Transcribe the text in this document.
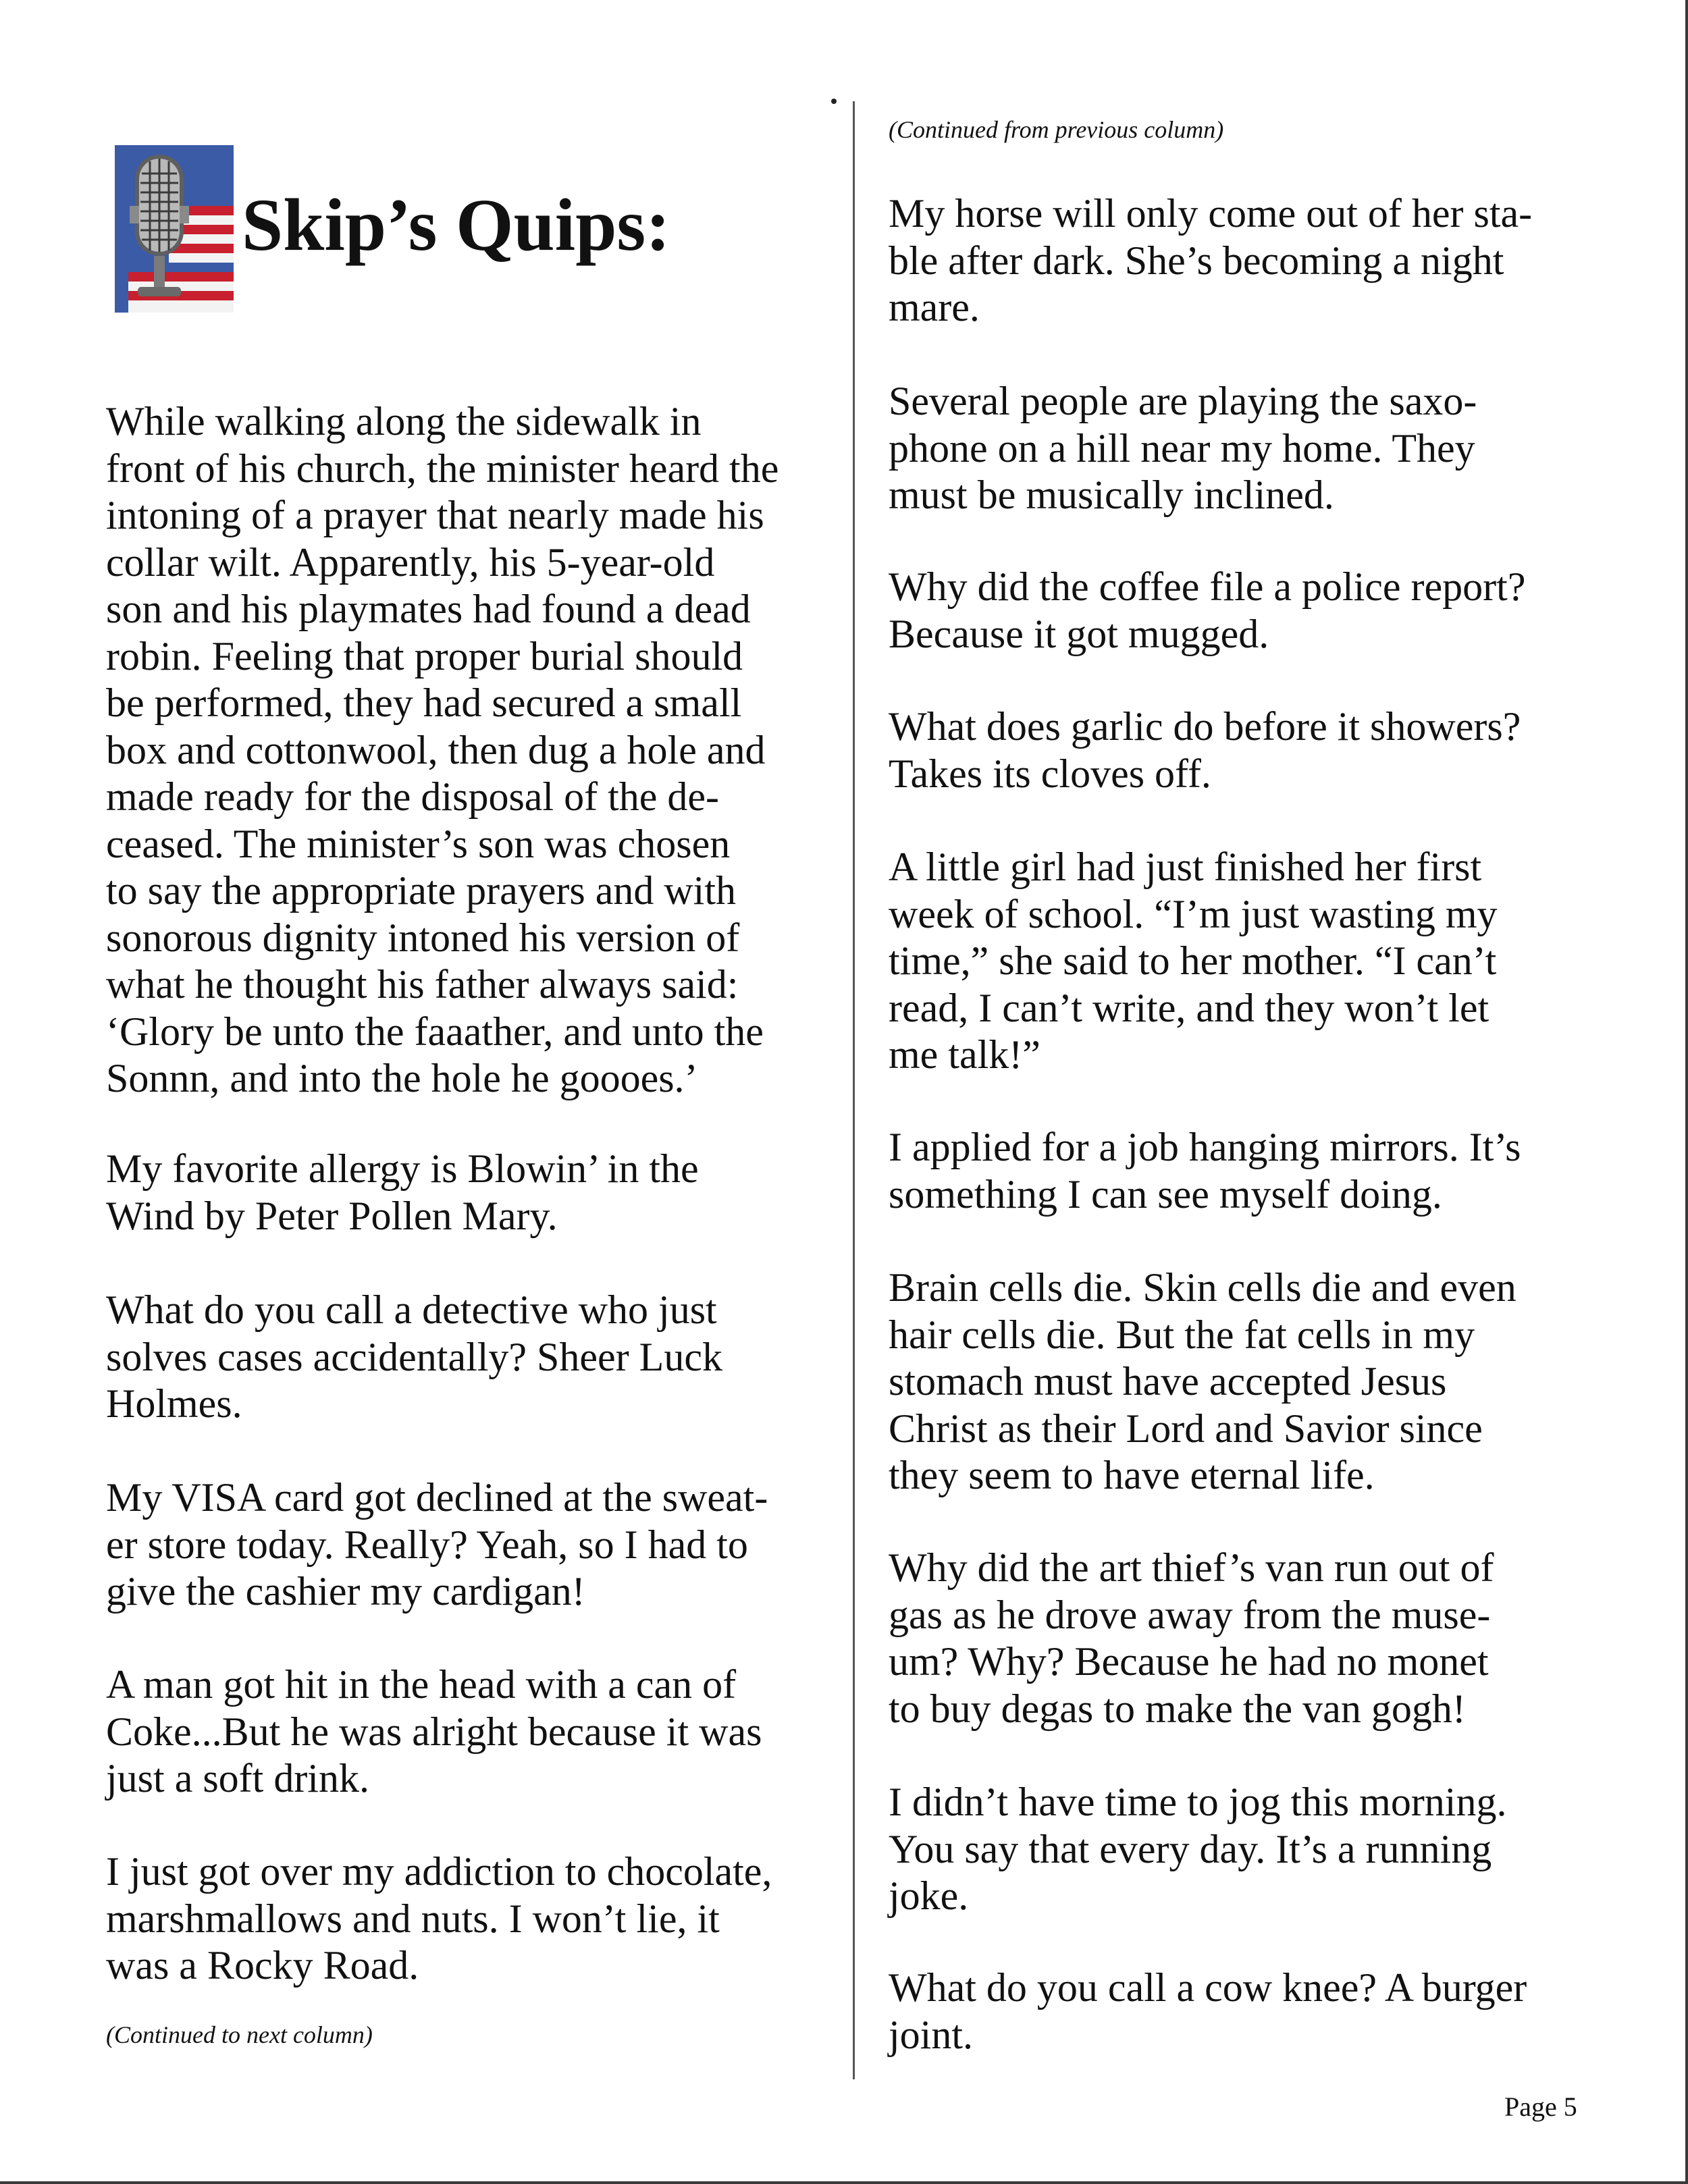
Skip’s Quips:
While walking along the sidewalk in
front of his church, the minister heard the
intoning of a prayer that nearly made his
collar wilt. Apparently, his 5-year-old
son and his playmates had found a dead
robin. Feeling that proper burial should
be performed, they had secured a small
box and cottonwool, then dug a hole and
made ready for the disposal of the de-
ceased. The minister’s son was chosen
to say the appropriate prayers and with
sonorous dignity intoned his version of
what he thought his father always said:
‘Glory be unto the faaather, and unto the
Sonnn, and into the hole he goooes.’
My favorite allergy is Blowin’ in the
Wind by Peter Pollen Mary.
What do you call a detective who just
solves cases accidentally? Sheer Luck
Holmes.
My VISA card got declined at the sweat-
er store today. Really? Yeah, so I had to
give the cashier my cardigan!
A man got hit in the head with a can of
Coke...But he was alright because it was
just a soft drink.
I just got over my addiction to chocolate,
marshmallows and nuts. I won’t lie, it
was a Rocky Road.

(Continued to next column)

(Continued from previous column)

My horse will only come out of her sta-
ble after dark. She’s becoming a night
mare.
Several people are playing the saxo-
phone on a hill near my home. They
must be musically inclined.
Why did the coffee file a police report?
Because it got mugged.
What does garlic do before it showers?
Takes its cloves off.
A little girl had just finished her first
week of school. “I’m just wasting my
time,” she said to her mother. “I can’t
read, I can’t write, and they won’t let
me talk!”
I applied for a job hanging mirrors. It’s
something I can see myself doing.
Brain cells die. Skin cells die and even
hair cells die. But the fat cells in my
stomach must have accepted Jesus
Christ as their Lord and Savior since
they seem to have eternal life.
Why did the art thief’s van run out of
gas as he drove away from the muse-
um? Why? Because he had no monet
to buy degas to make the van gogh!
I didn’t have time to jog this morning.
You say that every day. It’s a running
joke.
What do you call a cow knee? A burger
joint.

Page 5
